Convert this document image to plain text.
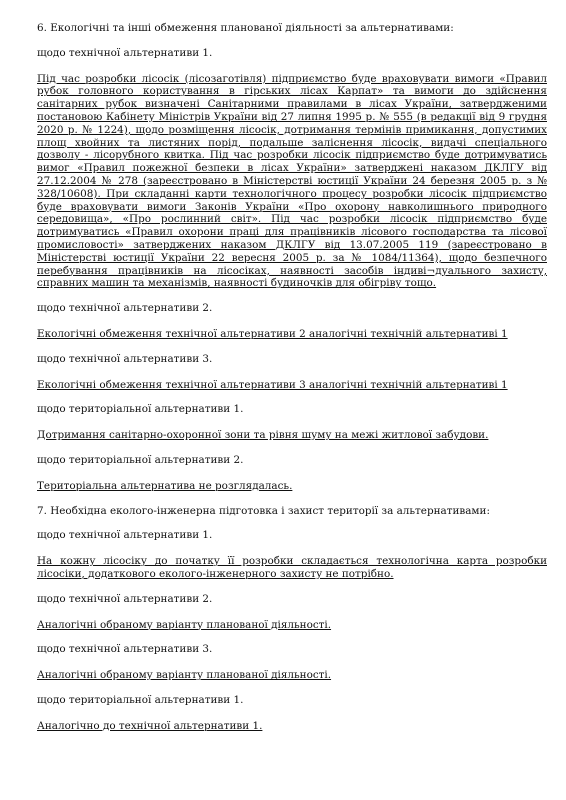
6. Екологічні та інші обмеження планованої діяльності за альтернативами:

щодо технічної альтернативи 1.

Під час розробки лісосік (лісозаготівля) підприємство буде враховувати вимоги «Правил рубок головного користування в гірських лісах Карпат» та вимоги до здійснення санітарних рубок визначені Санітарними правилами в лісах України, затвердженими постановою Кабінету Міністрів України від 27 липня 1995 р. № 555 (в редакції від 9 грудня 2020 р. № 1224), щодо розміщення лісосік, дотримання термінів примикання, допустимих площ хвойних та листяних порід, подальше заліснення лісосік, видачі спеціального дозволу - лісорубного квитка. Під час розробки лісосік підприємство буде дотримуватись вимог «Правил пожежної безпеки в лісах України» затверджені наказом ДКЛГУ від 27.12.2004 № 278 (зареєстровано в Міністерстві юстиції України 24 березня 2005 р. з № 328/10608). При складанні карти технологічного процесу розробки лісосік підприємство буде враховувати вимоги Законів України «Про охорону навколишнього природного середовища», «Про рослинний світ». Під час розробки лісосік підприємство буде дотримуватись «Правил охорони праці для працівників лісового господарства та лісової промисловості» затверджених наказом ДКЛГУ від 13.07.2005 119 (зареєстровано в Міністерстві юстиції України 22 вересня 2005 р. за № 1084/11364), щодо безпечного перебування працівників на лісосіках, наявності засобів індиві¬дуального захисту, справних машин та механізмів, наявності будиночків для обігріву тощо.

щодо технічної альтернативи 2.

Екологічні обмеження технічної альтернативи 2 аналогічні технічній альтернативі 1

щодо технічної альтернативи 3.

Екологічні обмеження технічної альтернативи 3 аналогічні технічній альтернативі 1

щодо територіальної альтернативи 1.

Дотримання санітарно-охоронної зони та рівня шуму на межі житлової забудови.

щодо територіальної альтернативи 2.

Територіальна альтернатива не розглядалась.

7. Необхідна еколого-інженерна підготовка і захист території за альтернативами:

щодо технічної альтернативи 1.

На кожну лісосіку до початку її розробки складається технологічна карта розробки лісосіки, додаткового еколого-інженерного захисту не потрібно.

щодо технічної альтернативи 2.

Аналогічні обраному варіанту планованої діяльності.

щодо технічної альтернативи 3.

Аналогічні обраному варіанту планованої діяльності.

щодо територіальної альтернативи 1.

Аналогічно до технічної альтернативи 1.
